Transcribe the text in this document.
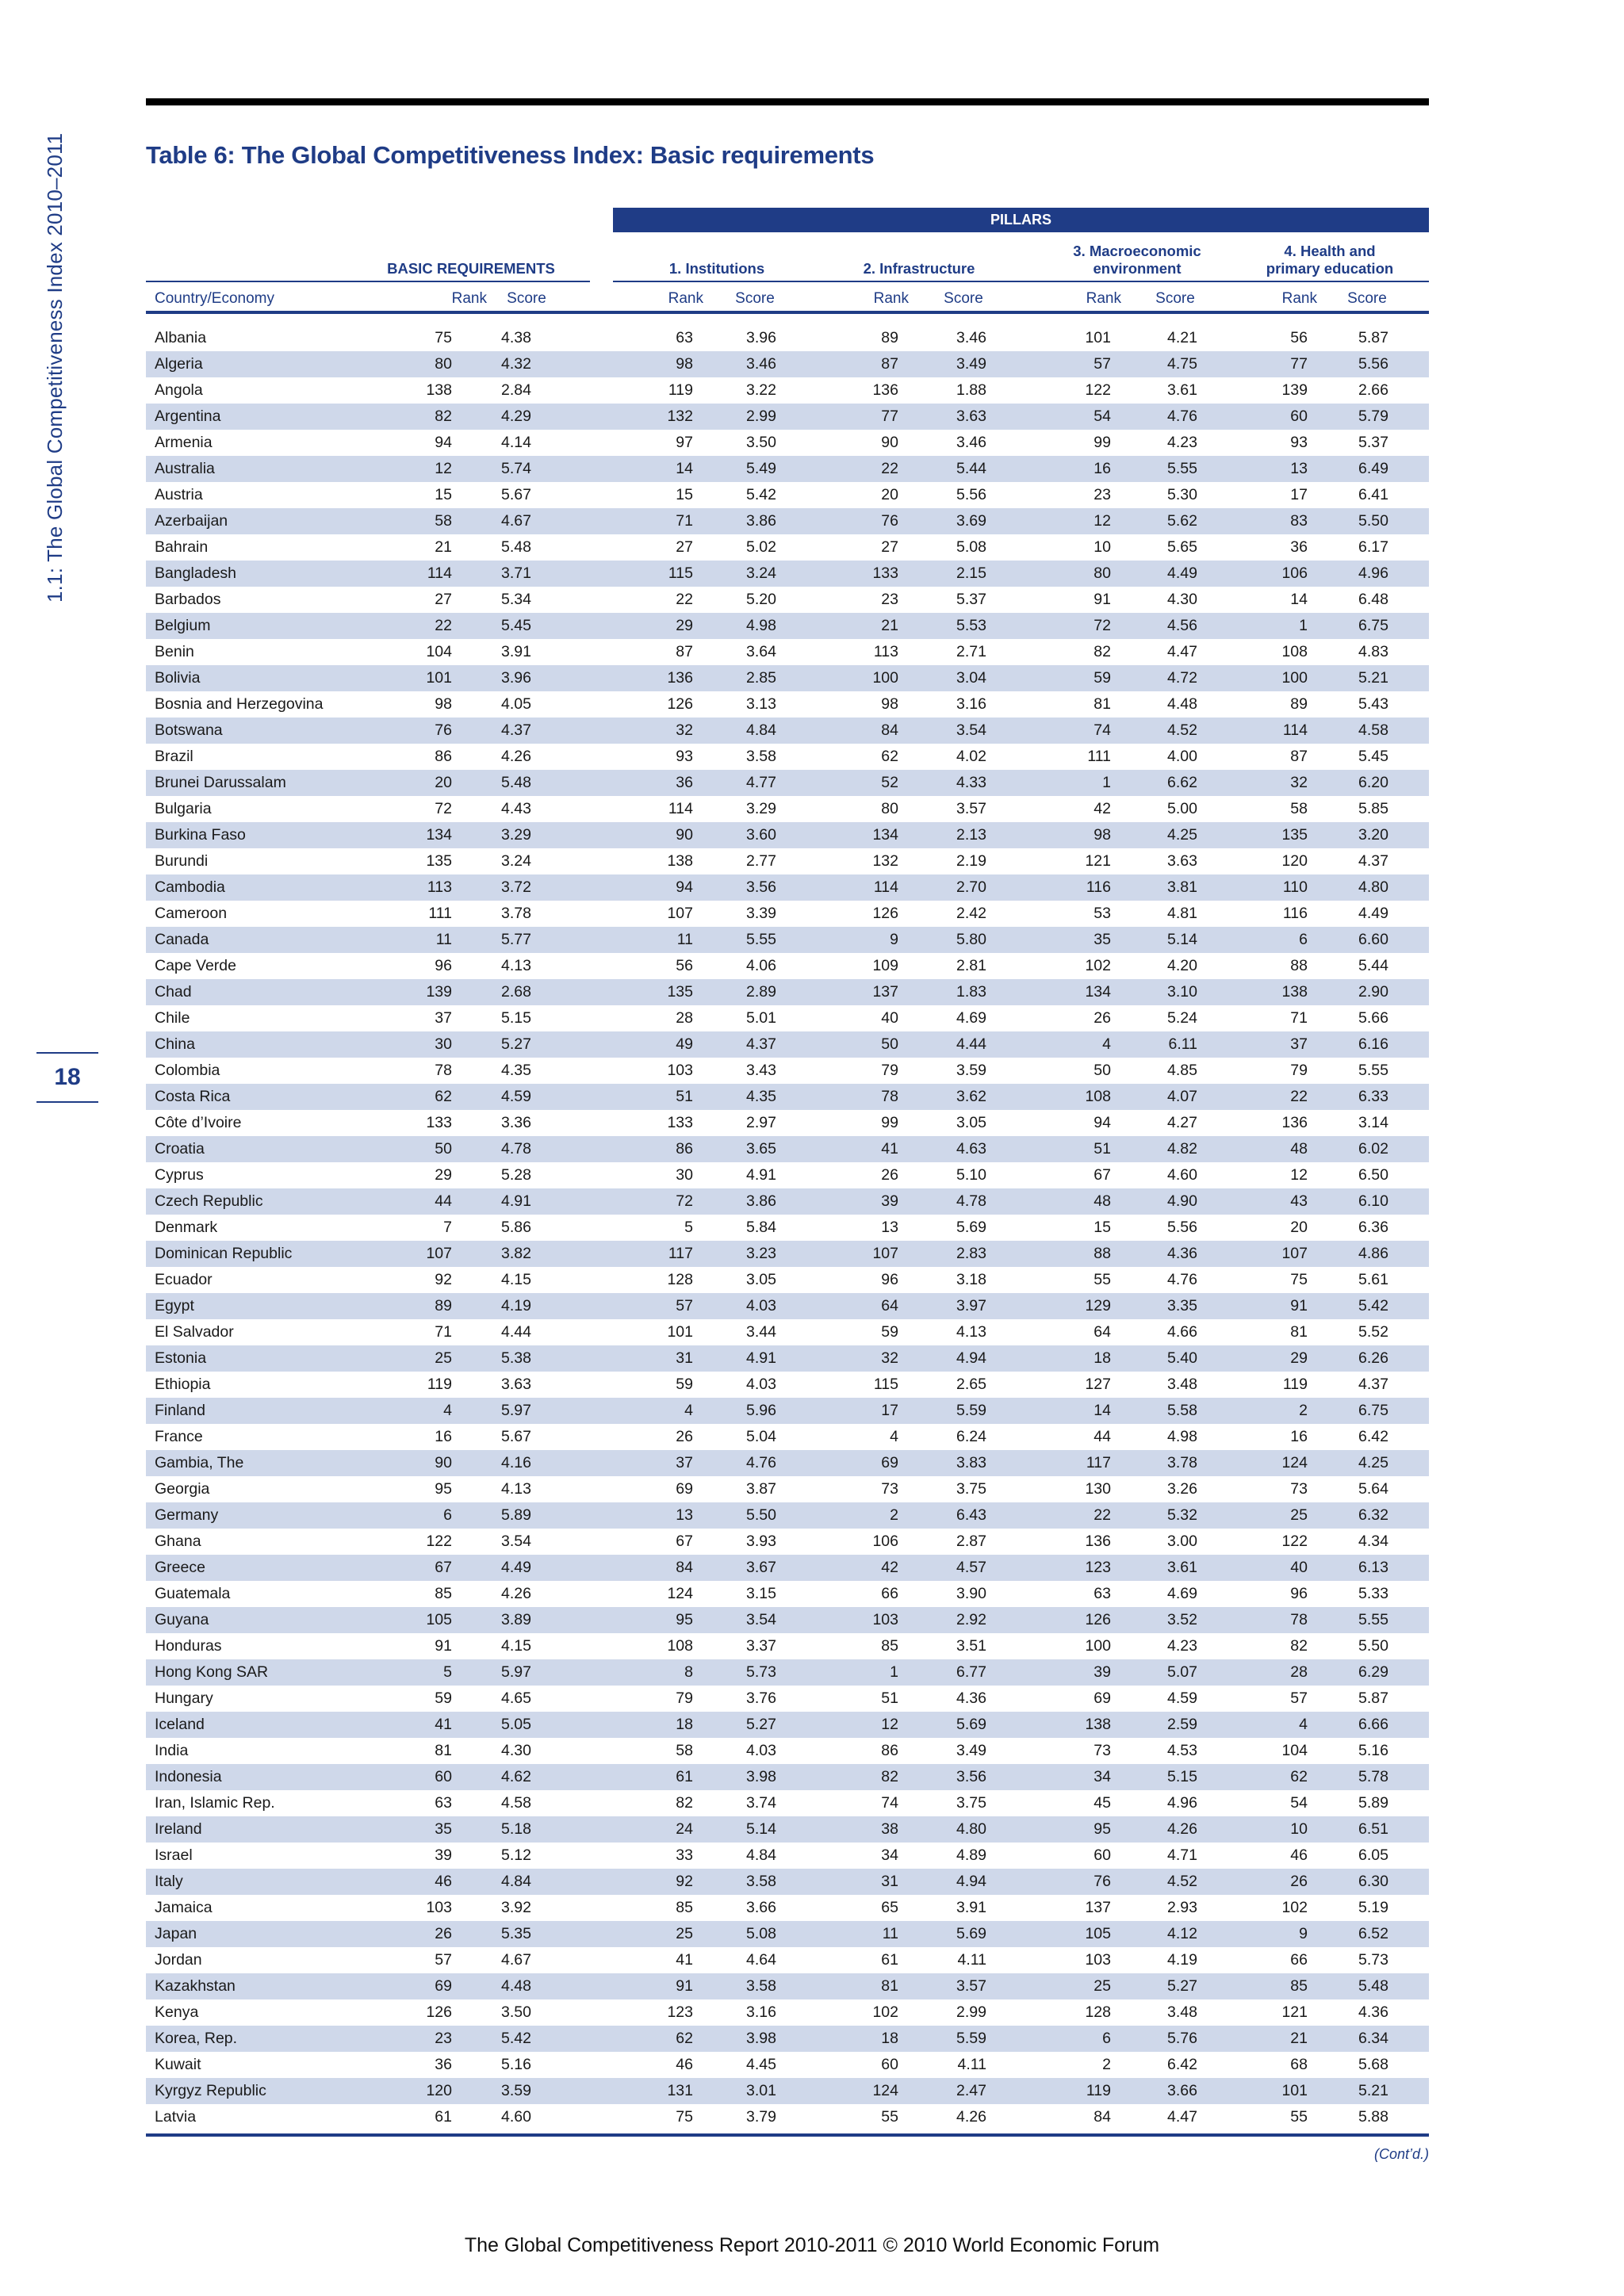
1.1: The Global Competitiveness Index 2010–2011
18
Table 6: The Global Competitiveness Index: Basic requirements
PILLARS
BASIC REQUIREMENTS	1. Institutions	2. Infrastructure
3. Macroeconomic
environment
4. Health and
primary education
Country/Economy	Rank	Score	Rank	Score	Rank	Score	Rank	Score	Rank	Score
Albania	75	4.38	63	3.96	89	3.46	101	4.21	56	5.87
Algeria	80	4.32	98	3.46	87	3.49	57	4.75	77	5.56
Angola	138	2.84	119	3.22	136	1.88	122	3.61	139	2.66
Argentina	82	4.29	132	2.99	77	3.63	54	4.76	60	5.79
Armenia	94	4.14	97	3.50	90	3.46	99	4.23	93	5.37
Australia	12	5.74	14	5.49	22	5.44	16	5.55	13	6.49
Austria	15	5.67	15	5.42	20	5.56	23	5.30	17	6.41
Azerbaijan	58	4.67	71	3.86	76	3.69	12	5.62	83	5.50
Bahrain	21	5.48	27	5.02	27	5.08	10	5.65	36	6.17
Bangladesh	114	3.71	115	3.24	133	2.15	80	4.49	106	4.96
Barbados	27	5.34	22	5.20	23	5.37	91	4.30	14	6.48
Belgium	22	5.45	29	4.98	21	5.53	72	4.56	1	6.75
Benin	104	3.91	87	3.64	113	2.71	82	4.47	108	4.83
Bolivia	101	3.96	136	2.85	100	3.04	59	4.72	100	5.21
Bosnia and Herzegovina	98	4.05	126	3.13	98	3.16	81	4.48	89	5.43
Botswana	76	4.37	32	4.84	84	3.54	74	4.52	114	4.58
Brazil	86	4.26	93	3.58	62	4.02	111	4.00	87	5.45
Brunei Darussalam	20	5.48	36	4.77	52	4.33	1	6.62	32	6.20
Bulgaria	72	4.43	114	3.29	80	3.57	42	5.00	58	5.85
Burkina Faso	134	3.29	90	3.60	134	2.13	98	4.25	135	3.20
Burundi	135	3.24	138	2.77	132	2.19	121	3.63	120	4.37
Cambodia	113	3.72	94	3.56	114	2.70	116	3.81	110	4.80
Cameroon	111	3.78	107	3.39	126	2.42	53	4.81	116	4.49
Canada	11	5.77	11	5.55	9	5.80	35	5.14	6	6.60
Cape Verde	96	4.13	56	4.06	109	2.81	102	4.20	88	5.44
Chad	139	2.68	135	2.89	137	1.83	134	3.10	138	2.90
Chile	37	5.15	28	5.01	40	4.69	26	5.24	71	5.66
China	30	5.27	49	4.37	50	4.44	4	6.11	37	6.16
Colombia	78	4.35	103	3.43	79	3.59	50	4.85	79	5.55
Costa Rica	62	4.59	51	4.35	78	3.62	108	4.07	22	6.33
Côte d’Ivoire	133	3.36	133	2.97	99	3.05	94	4.27	136	3.14
Croatia	50	4.78	86	3.65	41	4.63	51	4.82	48	6.02
Cyprus	29	5.28	30	4.91	26	5.10	67	4.60	12	6.50
Czech Republic	44	4.91	72	3.86	39	4.78	48	4.90	43	6.10
Denmark	7	5.86	5	5.84	13	5.69	15	5.56	20	6.36
Dominican Republic	107	3.82	117	3.23	107	2.83	88	4.36	107	4.86
Ecuador	92	4.15	128	3.05	96	3.18	55	4.76	75	5.61
Egypt	89	4.19	57	4.03	64	3.97	129	3.35	91	5.42
El Salvador	71	4.44	101	3.44	59	4.13	64	4.66	81	5.52
Estonia	25	5.38	31	4.91	32	4.94	18	5.40	29	6.26
Ethiopia	119	3.63	59	4.03	115	2.65	127	3.48	119	4.37
Finland	4	5.97	4	5.96	17	5.59	14	5.58	2	6.75
France	16	5.67	26	5.04	4	6.24	44	4.98	16	6.42
Gambia, The	90	4.16	37	4.76	69	3.83	117	3.78	124	4.25
Georgia	95	4.13	69	3.87	73	3.75	130	3.26	73	5.64
Germany	6	5.89	13	5.50	2	6.43	22	5.32	25	6.32
Ghana	122	3.54	67	3.93	106	2.87	136	3.00	122	4.34
Greece	67	4.49	84	3.67	42	4.57	123	3.61	40	6.13
Guatemala	85	4.26	124	3.15	66	3.90	63	4.69	96	5.33
Guyana	105	3.89	95	3.54	103	2.92	126	3.52	78	5.55
Honduras	91	4.15	108	3.37	85	3.51	100	4.23	82	5.50
Hong Kong SAR	5	5.97	8	5.73	1	6.77	39	5.07	28	6.29
Hungary	59	4.65	79	3.76	51	4.36	69	4.59	57	5.87
Iceland	41	5.05	18	5.27	12	5.69	138	2.59	4	6.66
India	81	4.30	58	4.03	86	3.49	73	4.53	104	5.16
Indonesia	60	4.62	61	3.98	82	3.56	34	5.15	62	5.78
Iran, Islamic Rep.	63	4.58	82	3.74	74	3.75	45	4.96	54	5.89
Ireland	35	5.18	24	5.14	38	4.80	95	4.26	10	6.51
Israel	39	5.12	33	4.84	34	4.89	60	4.71	46	6.05
Italy	46	4.84	92	3.58	31	4.94	76	4.52	26	6.30
Jamaica	103	3.92	85	3.66	65	3.91	137	2.93	102	5.19
Japan	26	5.35	25	5.08	11	5.69	105	4.12	9	6.52
Jordan	57	4.67	41	4.64	61	4.11	103	4.19	66	5.73
Kazakhstan	69	4.48	91	3.58	81	3.57	25	5.27	85	5.48
Kenya	126	3.50	123	3.16	102	2.99	128	3.48	121	4.36
Korea, Rep.	23	5.42	62	3.98	18	5.59	6	5.76	21	6.34
Kuwait	36	5.16	46	4.45	60	4.11	2	6.42	68	5.68
Kyrgyz Republic	120	3.59	131	3.01	124	2.47	119	3.66	101	5.21
Latvia	61	4.60	75	3.79	55	4.26	84	4.47	55	5.88
(Cont’d.)
The Global Competitiveness Report 2010-2011 © 2010 World Economic Forum
